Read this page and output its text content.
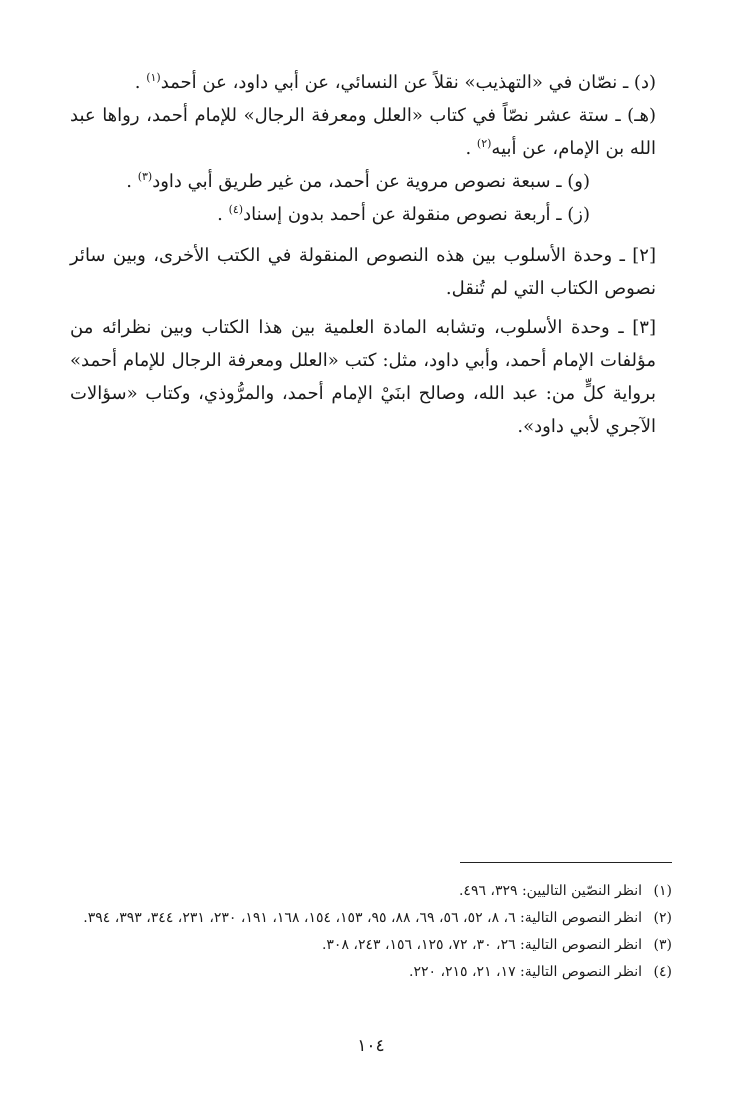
(د) ـ نصّان في «التهذيب» نقلاً عن النسائي، عن أبي داود، عن أحمد$^{(١)}$ .

(هـ) ـ ستة عشر نصّاً في كتاب «العلل ومعرفة الرجال» للإمام أحمد، رواها عبد الله بن الإمام، عن أبيه$^{(٢)}$ .

(و) ـ سبعة نصوص مروية عن أحمد، من غير طريق أبي داود$^{(٣)}$ .

(ز) ـ أربعة نصوص منقولة عن أحمد بدون إسناد$^{(٤)}$ .

[٢] ـ وحدة الأسلوب بين هذه النصوص المنقولة في الكتب الأخرى، وبين سائر نصوص الكتاب التي لم تُنقل.

[٣] ـ وحدة الأسلوب، وتشابه المادة العلمية بين هذا الكتاب وبين نظرائه من مؤلفات الإمام أحمد، وأبي داود، مثل: كتب «العلل ومعرفة الرجال للإمام أحمد» برواية كلٍّ من: عبد الله، وصالح ابنَيْ الإمام أحمد، والمرُّوذي، وكتاب «سؤالات الآجري لأبي داود».

(١)
انظر النصّين التاليين: ٣٢٩، ٤٩٦.
(٢)
انظر النصوص التالية: ٦، ٨، ٥٢، ٥٦، ٦٩، ٨٨، ٩٥، ١٥٣، ١٥٤، ١٦٨، ١٩١، ٢٣٠، ٢٣١، ٣٤٤، ٣٩٣، ٣٩٤.
(٣)
انظر النصوص التالية: ٢٦، ٣٠، ٧٢، ١٢٥، ١٥٦، ٢٤٣، ٣٠٨.
(٤)
انظر النصوص التالية: ١٧، ٢١، ٢١٥، ٢٢٠.
١٠٤
